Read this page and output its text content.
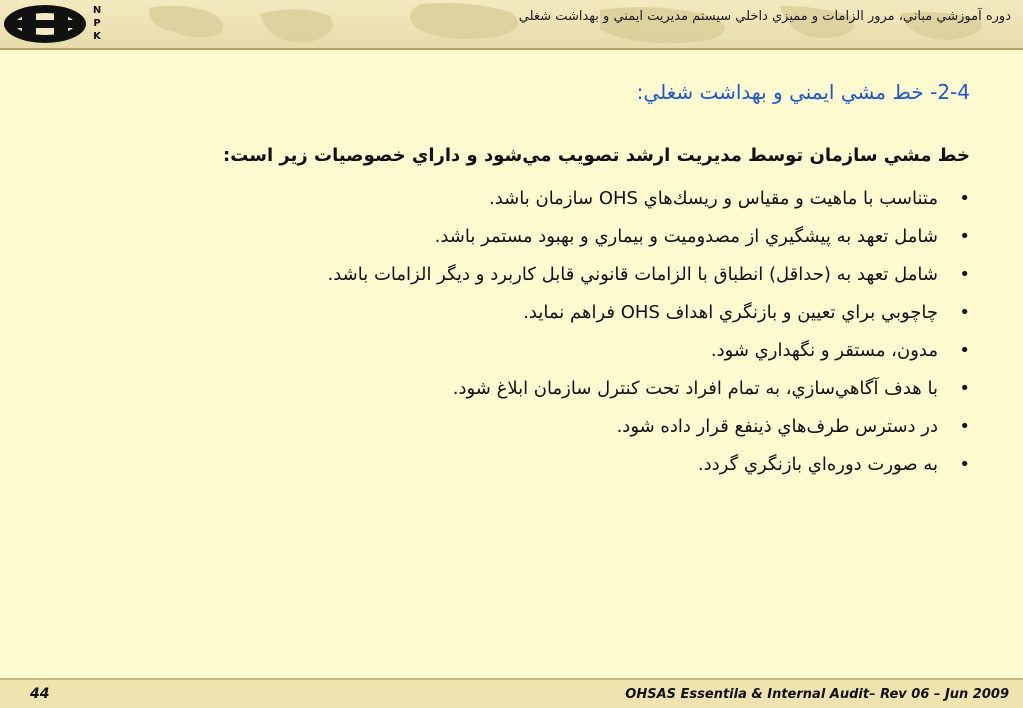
N
P
K
دوره آموزشي مباني، مرور الزامات و مميزي داخلي سيستم مديريت ايمني و بهداشت شغلي
2-4- خط مشي ايمني و بهداشت شغلي:
خط مشي سازمان توسط مديريت ارشد تصويب مي‌شود و داراي خصوصيات زير است:
•
متناسب با ماهيت و مقياس و ريسك‌هاي OHS سازمان باشد.
•
شامل تعهد به پيشگيري از مصدوميت و بيماري و بهبود مستمر باشد.
•
شامل تعهد به (حداقل) انطباق با الزامات قانوني قابل كاربرد و ديگر الزامات باشد.
•
چاچوبي براي تعيين و بازنگري اهداف OHS فراهم نمايد.
•
مدون، مستقر و نگهداري شود.
•
با هدف آگاهي‌سازي، به تمام افراد تحت كنترل سازمان ابلاغ شود.
•
در دسترس طرف‌هاي ذينفع قرار داده شود.
•
به صورت دوره‌اي بازنگري گردد.
44	OHSAS Essentila & Internal Audit– Rev 06 – Jun 2009
